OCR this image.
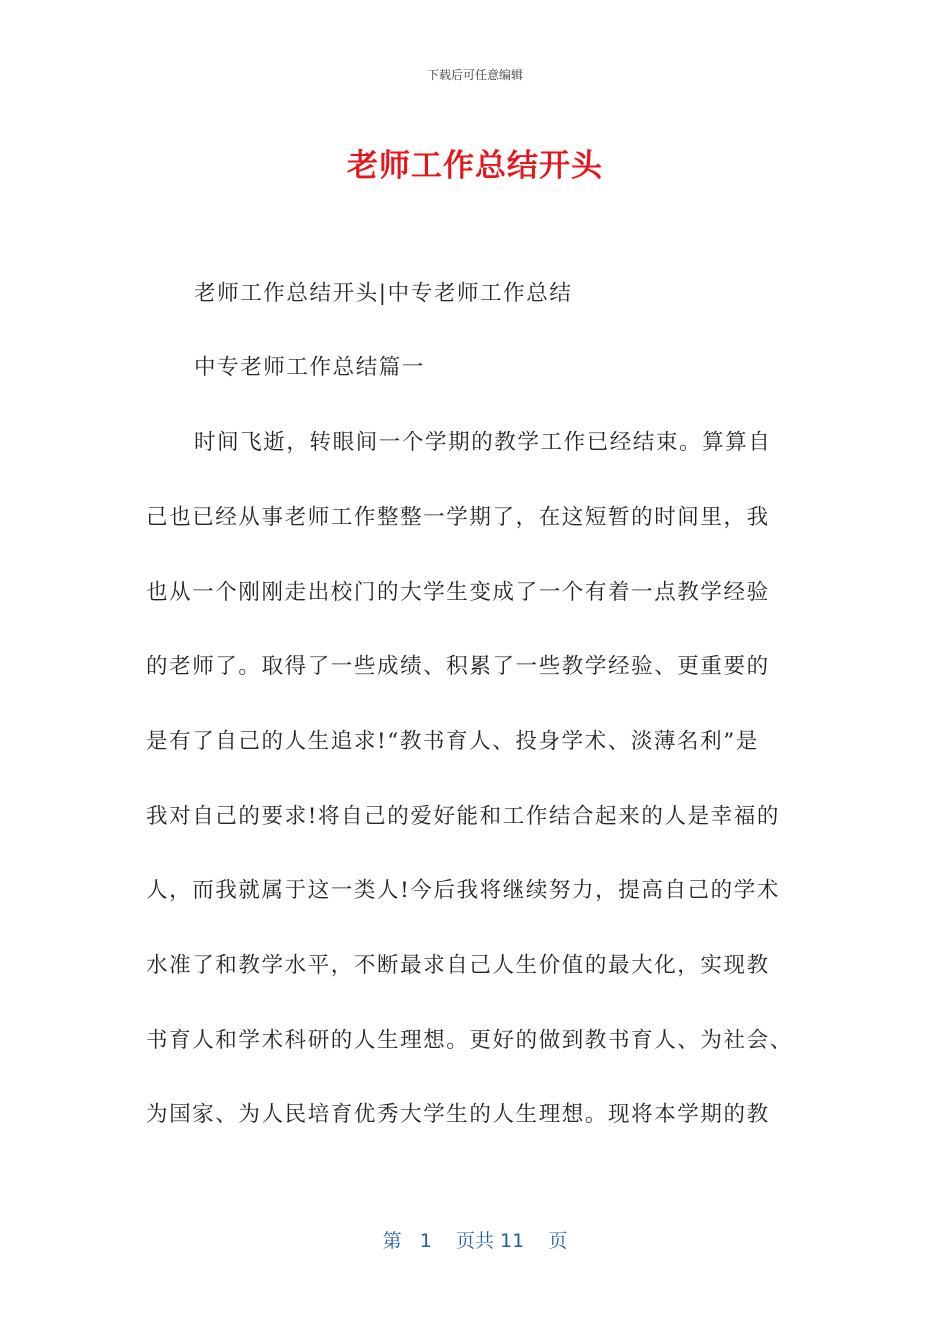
下载后可任意编辑
老师工作总结开头
老师工作总结开头|中专老师工作总结
中专老师工作总结篇一
时间飞逝，转眼间一个学期的教学工作已经结束。算算自
己也已经从事老师工作整整一学期了，在这短暂的时间里，我
也从一个刚刚走出校门的大学生变成了一个有着一点教学经验
的老师了。取得了一些成绩、积累了一些教学经验、更重要的
是有了自己的人生追求!“教书育人、投身学术、淡薄名利”是
我对自己的要求!将自己的爱好能和工作结合起来的人是幸福的
人，而我就属于这一类人!今后我将继续努力，提高自己的学术
水准了和教学水平，不断最求自己人生价值的最大化，实现教
书育人和学术科研的人生理想。更好的做到教书育人、为社会、
为国家、为人民培育优秀大学生的人生理想。现将本学期的教
第 1 页共 11 页
